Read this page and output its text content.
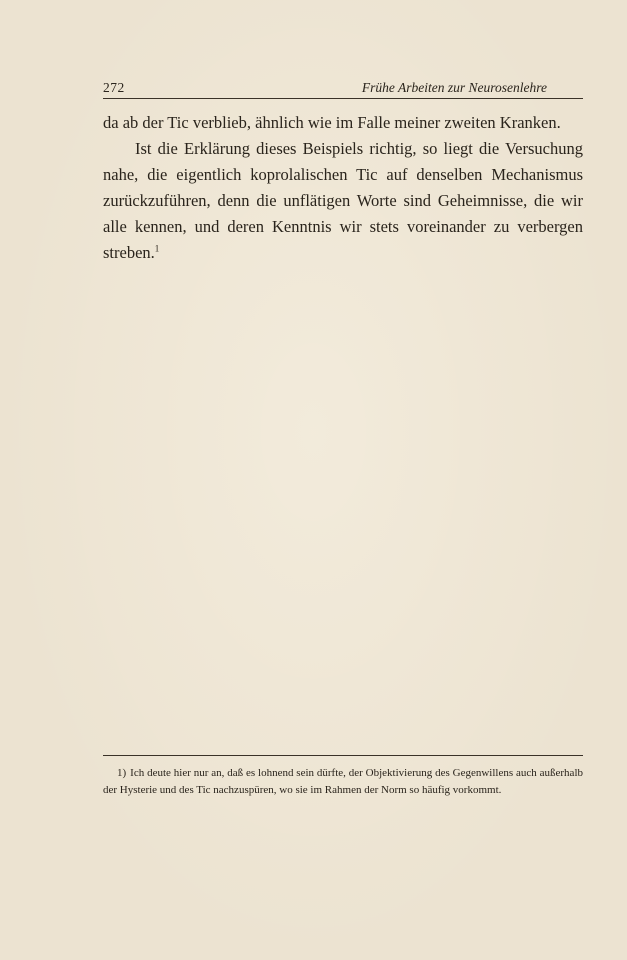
272	Frühe Arbeiten zur Neurosenlehre

da ab der Tic verblieb, ähnlich wie im Falle meiner zweiten Kranken.

Ist die Erklärung dieses Beispiels richtig, so liegt die Versuchung nahe, die eigentlich koprolalischen Tic auf denselben Mechanismus zurückzuführen, denn die unflätigen Worte sind Geheimnisse, die wir alle kennen, und deren Kenntnis wir stets voreinander zu verbergen streben.$^1$

1) Ich deute hier nur an, daß es lohnend sein dürfte, der Objektivierung des Gegenwillens auch außerhalb der Hysterie und des Tic nachzuspüren, wo sie im Rahmen der Norm so häufig vorkommt.
